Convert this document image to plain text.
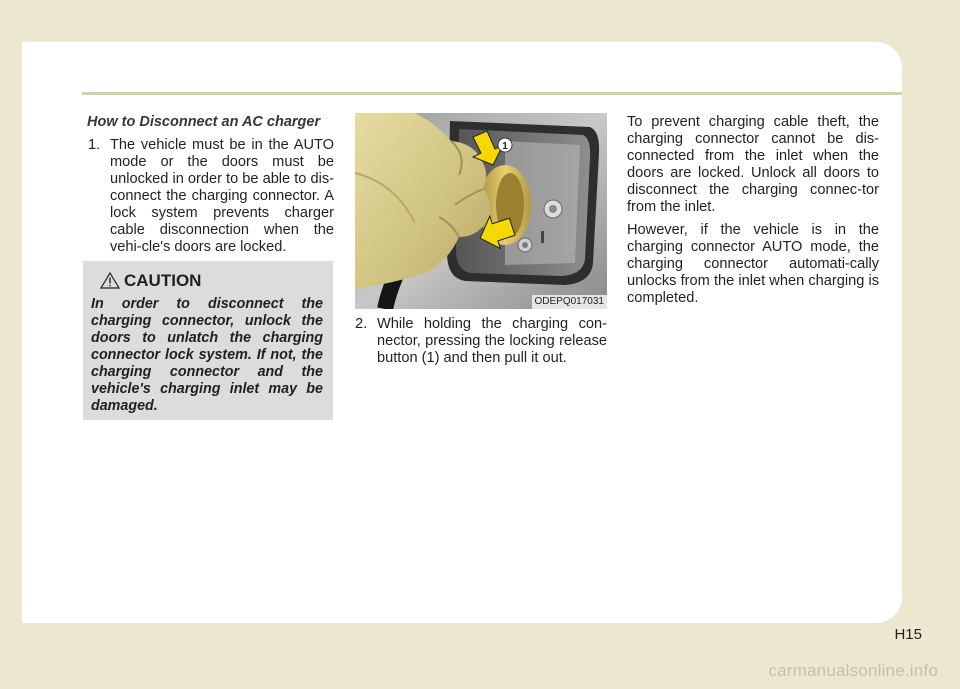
How to Disconnect an AC charger
1. The vehicle must be in the AUTO mode or the doors must be unlocked in order to be able to dis-connect the charging connector. A lock system prevents charger cable disconnection when the vehi-cle's doors are locked.
CAUTION
In order to disconnect the charging connector, unlock the doors to unlatch the charging connector lock system. If not, the charging connector and the vehicle's charging inlet may be damaged.
1
ODEPQ017031
2. While holding the charging con-nector, pressing the locking release button (1) and then pull it out.

To prevent charging cable theft, the charging connector cannot be dis-connected from the inlet when the doors are locked. Unlock all doors to disconnect the charging connec-tor from the inlet.

However, if the vehicle is in the charging connector AUTO mode, the charging connector automati-cally unlocks from the inlet when charging is completed.

H15
carmanualsonline.info
